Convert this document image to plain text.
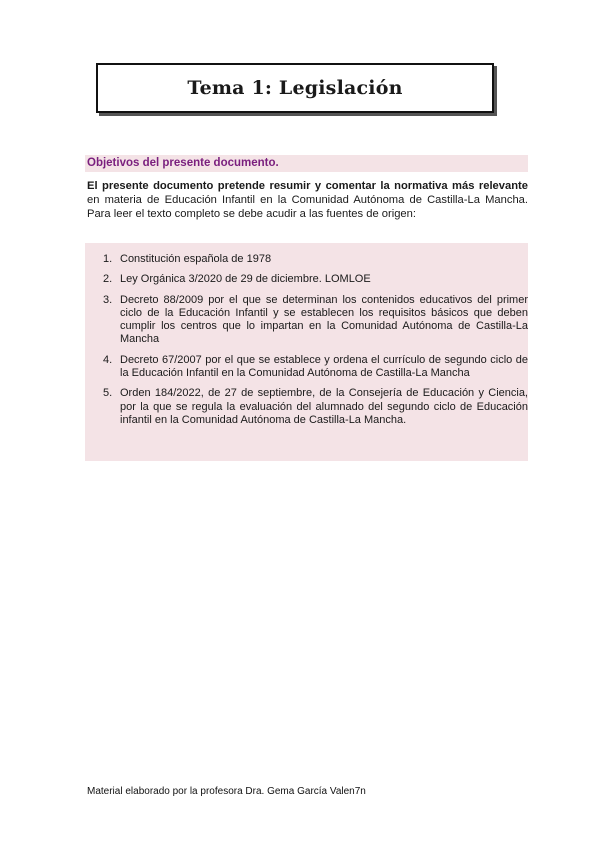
Tema 1: Legislación
Objetivos del presente documento.

El presente documento pretende resumir y comentar la normativa más relevante en materia de Educación Infantil en la Comunidad Autónoma de Castilla-La Mancha. Para leer el texto completo se debe acudir a las fuentes de origen:

1. Constitución española de 1978
2. Ley Orgánica 3/2020 de 29 de diciembre. LOMLOE
3. Decreto 88/2009 por el que se determinan los contenidos educativos del primer ciclo de la Educación Infantil y se establecen los requisitos básicos que deben cumplir los centros que lo impartan en la Comunidad Autónoma de Castilla-La Mancha
4. Decreto 67/2007 por el que se establece y ordena el currículo de segundo ciclo de la Educación Infantil en la Comunidad Autónoma de Castilla-La Mancha
5. Orden 184/2022, de 27 de septiembre, de la Consejería de Educación y Ciencia, por la que se regula la evaluación del alumnado del segundo ciclo de Educación infantil en la Comunidad Autónoma de Castilla-La Mancha.
Material elaborado por la profesora Dra. Gema García Valen7n
